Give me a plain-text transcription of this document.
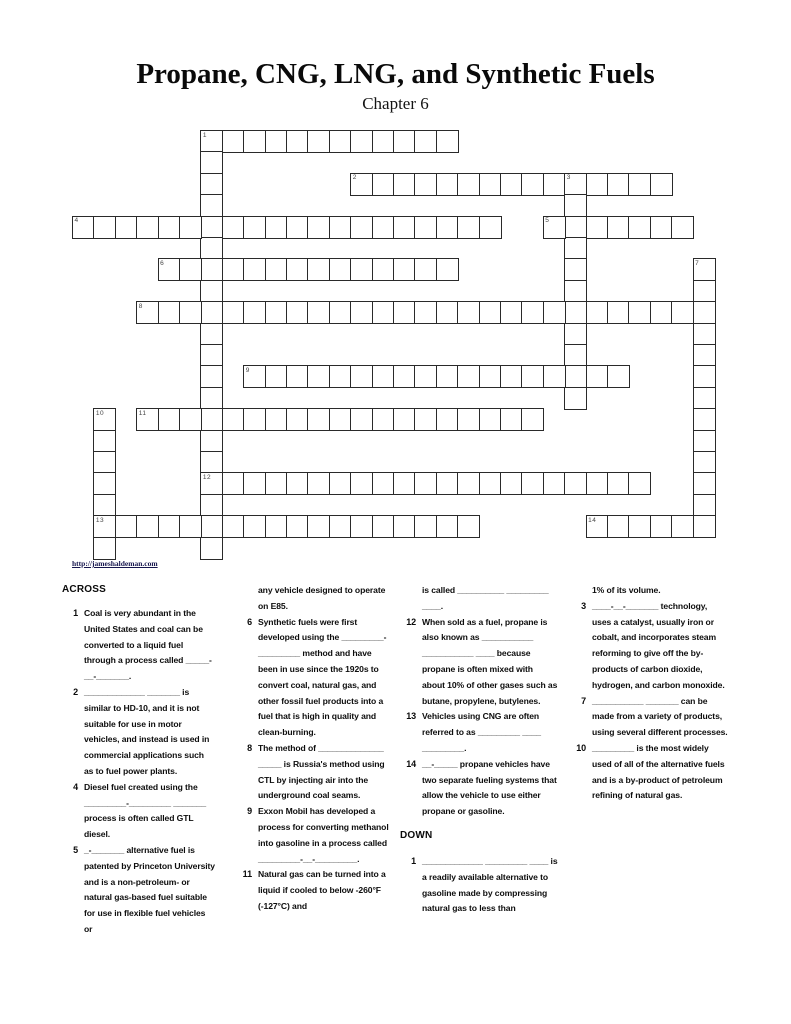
Propane, CNG, LNG, and Synthetic Fuels
Chapter 6
1
12
2	3
4	5
6	7
8
9
10
13
11
14
http://jameshaldeman.com
ACROSS
1 Coal is very abundant in the United States and coal can be converted to a liquid fuel through a process called _____-__-_______.
2 _____________ _______ is similar to HD-10, and it is not suitable for use in motor vehicles, and instead is used in commercial applications such as to fuel power plants.
4 Diesel fuel created using the _________-_________ _______ process is often called GTL diesel.
5 _-_______ alternative fuel is patented by Princeton University and is a non-petroleum- or natural gas-based fuel suitable for use in flexible fuel vehicles or
any vehicle designed to operate on E85.
6 Synthetic fuels were first developed using the _________-_________ method and have been in use since the 1920s to convert coal, natural gas, and other fossil fuel products into a fuel that is high in quality and clean-burning.
8 The method of ______________ _____ is Russia's method using CTL by injecting air into the underground coal seams.
9 Exxon Mobil has developed a process for converting methanol into gasoline in a process called _________-__-_________.
11 Natural gas can be turned into a liquid if cooled to below -260°F (-127°C) and
is called __________ _________ ____.
12 When sold as a fuel, propane is also known as ___________ ___________ ____ because propane is often mixed with about 10% of other gases such as butane, propylene, butylenes.
13 Vehicles using CNG are often referred to as _________ ____ _________.
14 __-_____ propane vehicles have two separate fueling systems that allow the vehicle to use either propane or gasoline.
DOWN
1 _____________ _________ ____ is a readily available alternative to gasoline made by compressing natural gas to less than
1% of its volume.
3 ____-__-_______ technology, uses a catalyst, usually iron or cobalt, and incorporates steam reforming to give off the by-products of carbon dioxide, hydrogen, and carbon monoxide.
7 ___________ _______ can be made from a variety of products, using several different processes.
10 _________ is the most widely used of all of the alternative fuels and is a by-product of petroleum refining of natural gas.
